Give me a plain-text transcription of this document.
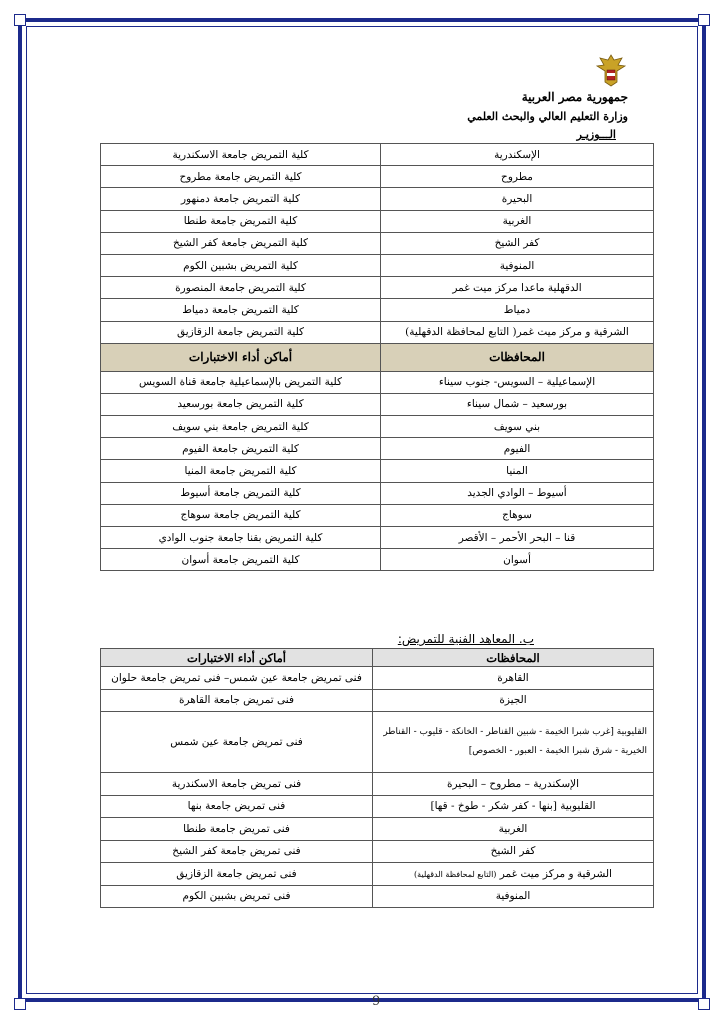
جمهورية مصر العربية
وزارة التعليم العالي والبحث العلمي
الـــوزيـر
الإسكندرية	كلية التمريض جامعة الاسكندرية
مطروح	كلية التمريض جامعة مطروح
البحيرة	كلية التمريض جامعة دمنهور
الغربية	كلية التمريض جامعة طنطا
كفر الشيخ	كلية التمريض جامعة كفر الشيخ
المنوفية	كلية التمريض بشبين الكوم
الدقهلية ماعدا مركز ميت غمر	كلية التمريض جامعة المنصورة
دمياط	كلية التمريض جامعة دمياط
الشرقية و مركز ميت غمر( التابع لمحافظة الدقهلية)	كلية التمريض جامعة الزقازيق
المحافظات	أماكن أداء الاختبارات
الإسماعيلية – السويس- جنوب سيناء	كلية التمريض بالإسماعيلية جامعة قناة السويس
بورسعيد – شمال سيناء	كلية التمريض جامعة بورسعيد
بني سويف	كلية التمريض جامعة بني سويف
الفيوم	كلية التمريض جامعة الفيوم
المنيا	كلية التمريض جامعة المنيا
أسيوط – الوادي الجديد	كلية التمريض جامعة أسيوط
سوهاج	كلية التمريض جامعة سوهاج
قنا – البحر الأحمر – الأقصر	كلية التمريض بقنا جامعة جنوب الوادي
أسوان	كلية التمريض جامعة أسوان
ب. المعاهد الفنية للتمريض:
المحافظات	أماكن أداء الاختبارات
القاهرة	فنى تمريض جامعة عين شمس– فنى تمريض جامعة حلوان
الجيزة	فنى تمريض جامعة القاهرة
القليوبية [غرب شبرا الخيمة - شبين القناطر - الخانكة - قليوب - القناطر الخيرية - شرق شبرا الخيمة - العبور - الخصوص]	فنى تمريض جامعة عين شمس
الإسكندرية – مطروح – البحيرة	فنى تمريض جامعة الاسكندرية
القليوبية [بنها - كفر شكر - طوخ - قها]	فنى تمريض جامعة بنها
الغربية	فنى تمريض جامعة طنطا
كفر الشيخ	فنى تمريض جامعة كفر الشيخ
الشرقية و مركز ميت غمر (التابع لمحافظة الدقهلية)	فنى تمريض جامعة الزقازيق
المنوفية	فنى تمريض بشبين الكوم
9
